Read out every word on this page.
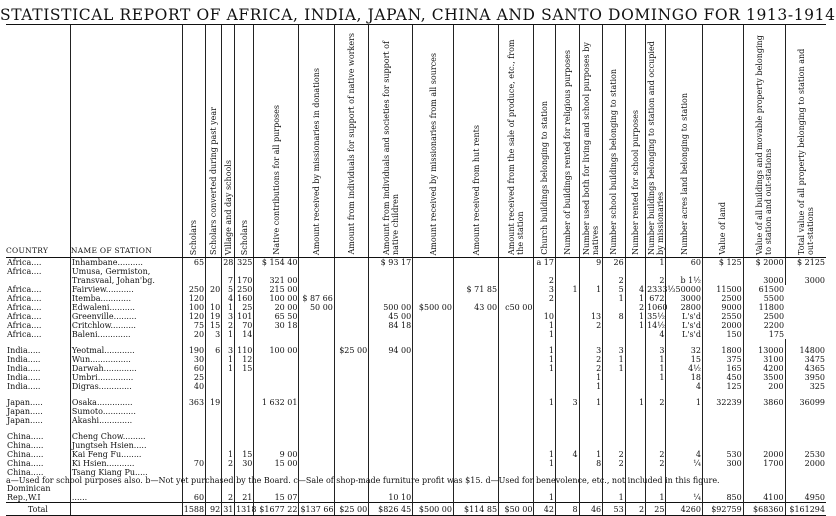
STATISTICAL REPORT OF AFRICA, INDIA, JAPAN, CHINA AND SANTO DOMINGO FOR 1913-1914
COUNTRY	NAME OF STATION	Scholars	Scholars converted during past year	Village and day schools	Scholars	Native contributions for all purposes	Amount received by missionaries in donations	Amount from individuals for support of native workers	Amount from individuals and societies for support of native children	Amount received by missionaries from all sources	Amount received from hut rents	Amount received from the sale of produce, etc., from the station	Church buildings belonging to station	Number of buildings rented for religious purposes	Number used both for living and school purposes by natives	Number school buildings belonging to station	Number rented for school purposes	Number buildings belonging to station and occupied by missionaries	Number acres land belonging to station	Value of land	Value of all buildings and movable property belonging to station and out-stations	Total value of all property belonging to station and out-stations

Africa....	Inhambane..........	65		28	325	$ 154 40			$ 93 17				a 17		9	26		1	60	$ 125	$ 2000	$ 2125
Africa....	Umusa, Germiston,																					
	Transvaal, Johan'bg.			7	170	321 00							2			2		2	b 1½		3000	3000
Africa....	Fairview...........	250	20	5	250	215 00					$ 71 85		3	1	1	5	4	2333⅓	50000	11500	61500	
Africa....	Itemba............	120		4	160	100 00	$ 87 66						2			1	1	672	3000	2500	5500	
Africa....	Edwaleni..........	100	10	1	25	20 00	50 00		500 00	$500 00	43 00	c50 00					2	1060	2800	9000	11800	
Africa....	Greenville.........	120	19	3	101	65 50			45 00				10		13	8	1	35½	L's'd	2550	2500	
Africa....	Critchlow..........	75	15	2	70	30 18			84 18				1		2		1	14½	L's'd	2000	2200	
Africa....	Baleni.............	20	3	1	14								1					4	L's'd	150	175	
India.....	Yeotmal............	190	6	3	110	100 00		$25 00	94 00				1		3	3		3	32	1800	13000	14800
India.....	Wun................	30		1	12								1		2	1		1	15	375	3100	3475
India.....	Darwah.............	60		1	15								1		2	1		1	4½	165	4200	4365
India.....	Umbri..............	25													1			1	18	450	3500	3950
India.....	Digras.............	40													1				4	125	200	325
Japan.....	Osaka..............	363	19			1 632 01							1	3	1		1	2	1	32239	3860	36099
Japan.....	Sumoto.............																					
Japan.....	Akashi.............																					
China.....	Cheng Chow.........																					
China.....	Jungtseh Hsien.....																					
China.....	Kai Feng Fu........			1	15	9 00							1	4	1	2		2	4	530	2000	2530
China.....	Ki Hsien...........	70		2	30	15 00							1		8	2		2	¼	300	1700	2000
China.....	Tsang Kiang Pu.....																					
Dominican																						
Rep.,W.I	......	60		2	21	15 07			10 10				1			1		1	¼	850	4100	4950
Total		1588	92	31	1318	$1677 22	$137 66	$25 00	$826 45	$500 00	$114 85	$50 00	42	8	46	53	2	25	4260	$92759	$68360	$161294
a—Used for school purposes also. b—Not yet purchased by the Board. c—Sale of shop-made furniture profit was $15. d—Used for benevolence, etc., not included in this figure.
